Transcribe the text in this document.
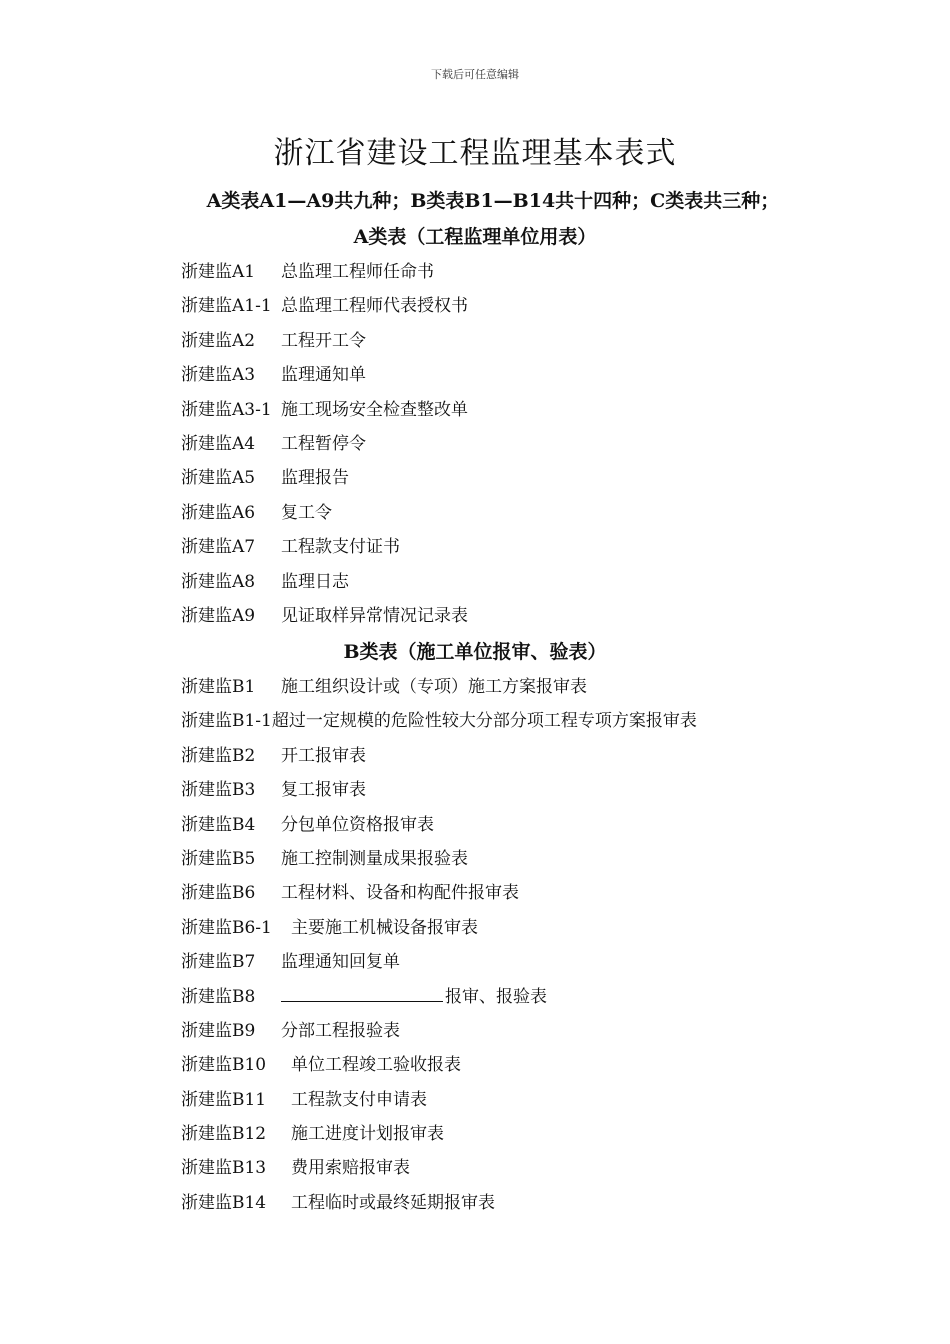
下载后可任意编辑
浙江省建设工程监理基本表式

A类表A1—A9共九种；B类表B1—B14共十四种；C类表共三种；

A类表（工程监理单位用表）
浙建监A1 总监理工程师任命书
浙建监A1-1 总监理工程师代表授权书
浙建监A2 工程开工令
浙建监A3 监理通知单
浙建监A3-1 施工现场安全检查整改单
浙建监A4 工程暂停令
浙建监A5 监理报告
浙建监A6 复工令
浙建监A7 工程款支付证书
浙建监A8 监理日志
浙建监A9 见证取样异常情况记录表
B类表（施工单位报审、验表）
浙建监B1 施工组织设计或（专项）施工方案报审表
浙建监B1-1超过一定规模的危险性较大分部分项工程专项方案报审表
浙建监B2 开工报审表
浙建监B3 复工报审表
浙建监B4 分包单位资格报审表
浙建监B5 施工控制测量成果报验表
浙建监B6 工程材料、设备和构配件报审表
浙建监B6-1 主要施工机械设备报审表
浙建监B7 监理通知回复单
浙建监B8	报审、报验表
浙建监B9 分部工程报验表
浙建监B10 单位工程竣工验收报表
浙建监B11 工程款支付申请表
浙建监B12 施工进度计划报审表
浙建监B13 费用索赔报审表
浙建监B14 工程临时或最终延期报审表
